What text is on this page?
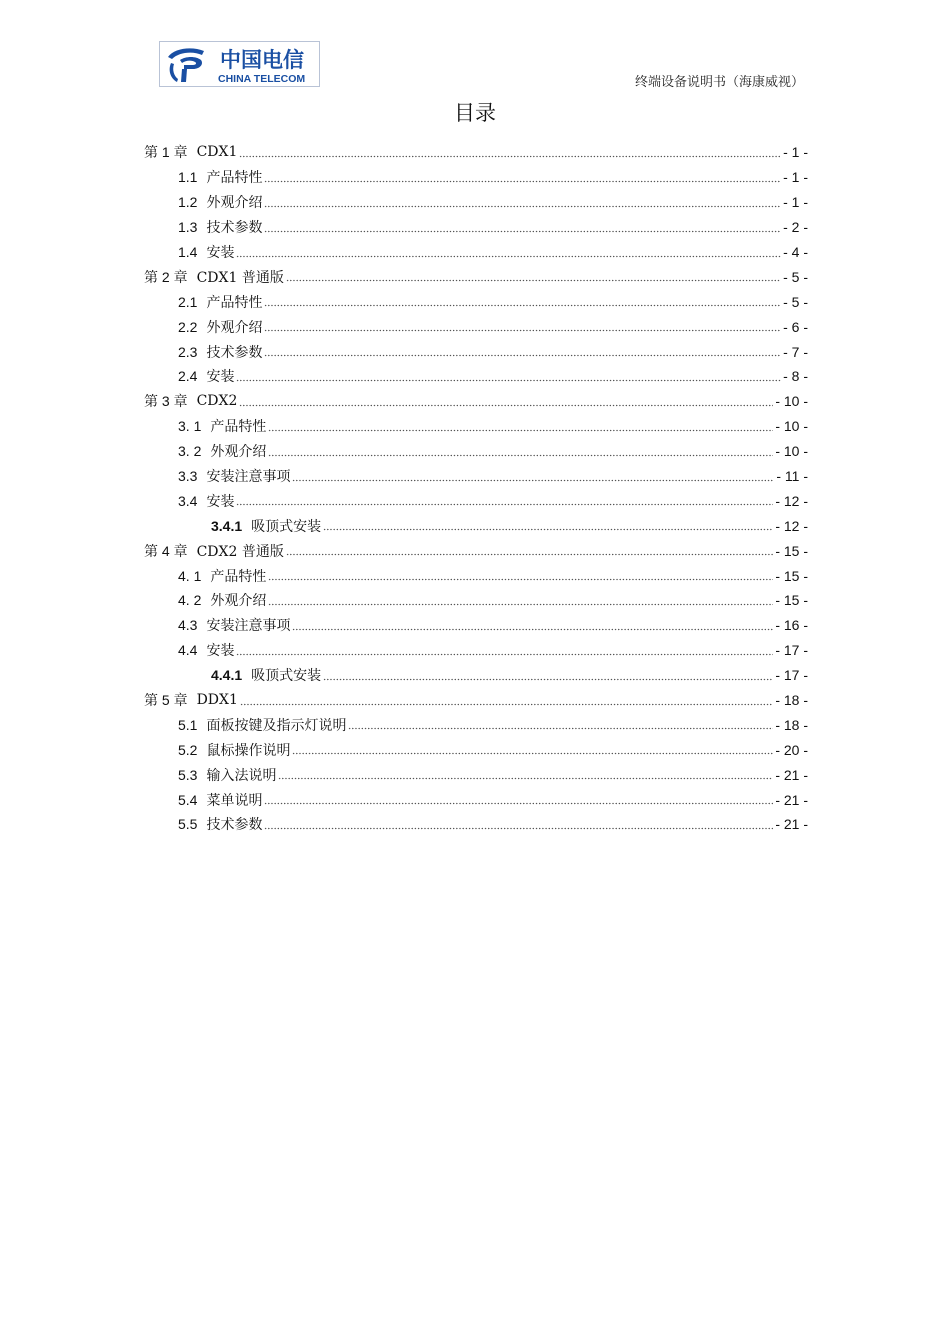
中国电信
CHINA TELECOM	终端设备说明书（海康威视）
目录
第 1 章 CDX1	- 1 -
1.1 产品特性	- 1 -
1.2 外观介绍	- 1 -
1.3 技术参数	- 2 -
1.4 安装	- 4 -
第 2 章 CDX1 普通版	- 5 -
2.1 产品特性	- 5 -
2.2 外观介绍	- 6 -
2.3 技术参数	- 7 -
2.4 安装	- 8 -
第 3 章 CDX2	- 10 -
3. 1 产品特性	- 10 -
3. 2 外观介绍	- 10 -
3.3 安装注意事项	- 11 -
3.4 安装	- 12 -
3.4.1 吸顶式安装	- 12 -
第 4 章 CDX2 普通版	- 15 -
4. 1 产品特性	- 15 -
4. 2 外观介绍	- 15 -
4.3 安装注意事项	- 16 -
4.4 安装	- 17 -
4.4.1 吸顶式安装	- 17 -
第 5 章 DDX1	- 18 -
5.1 面板按键及指示灯说明	- 18 -
5.2 鼠标操作说明	- 20 -
5.3 输入法说明	- 21 -
5.4 菜单说明	- 21 -
5.5 技术参数	- 21 -
